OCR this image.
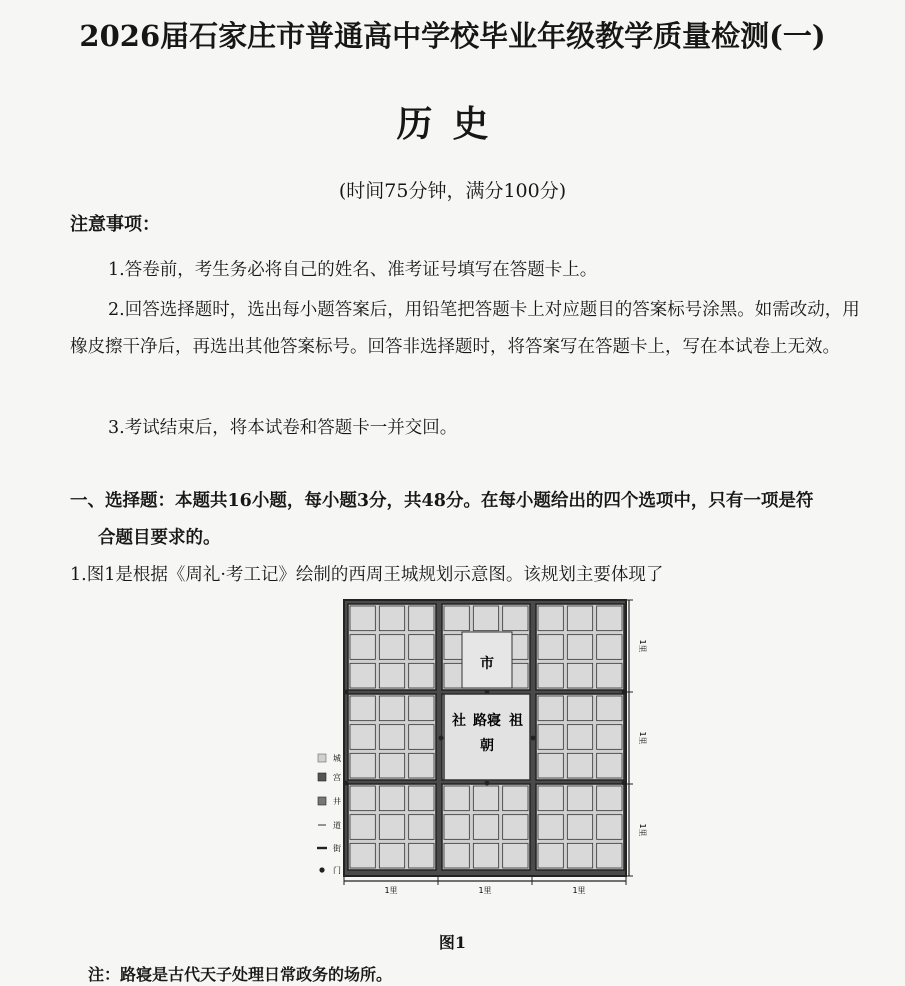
2026届石家庄市普通高中学校毕业年级教学质量检测(一)
历史
(时间75分钟，满分100分)
注意事项：
1.答卷前，考生务必将自己的姓名、准考证号填写在答题卡上。
2.回答选择题时，选出每小题答案后，用铅笔把答题卡上对应题目的答案标号涂黑。如需改动，用橡皮擦干净后，再选出其他答案标号。回答非选择题时，将答案写在答题卡上，写在本试卷上无效。
3.考试结束后，将本试卷和答题卡一并交回。
一、选择题：本题共16小题，每小题3分，共48分。在每小题给出的四个选项中，只有一项是符
合题目要求的。
1.图1是根据《周礼·考工记》绘制的西周王城规划示意图。该规划主要体现了
市
社 路寝 祖
朝
1里
1里
1里
1里	1里	1里
城
宫
井
道
街
门
图1
注：路寝是古代天子处理日常政务的场所。
